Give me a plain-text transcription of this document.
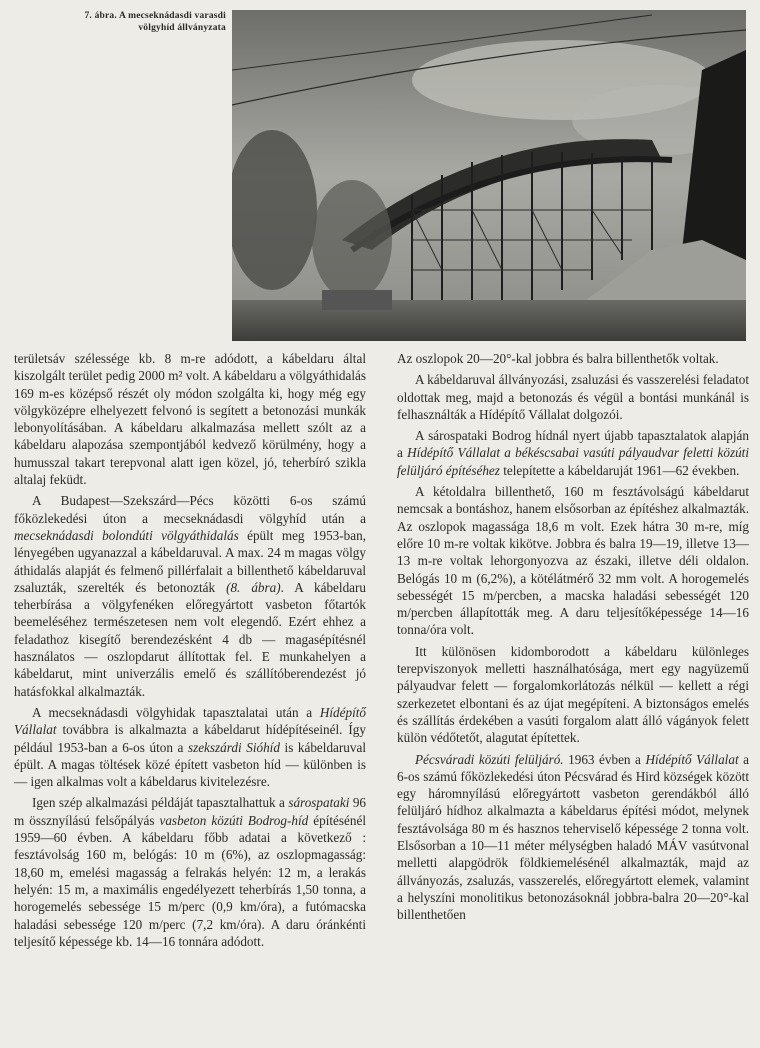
7. ábra. A mecseknádasdi varasdi
völgyhíd állványzata

területsáv szélessége kb. 8 m-re adódott, a kábeldaru által kiszolgált terület pedig 2000 m² volt. A kábeldaru a völgyáthidalás 169 m-es középső részét oly módon szolgálta ki, hogy még egy völgyközépre elhelyezett felvonó is segített a betonozási munkák lebonyolításában. A kábeldaru alkalmazása mellett szólt az a kábeldaru alapozása szempontjából kedvező körülmény, hogy a humusszal takart terepvonal alatt igen közel, jó, teherbíró szikla altalaj feküdt.

A Budapest—Szekszárd—Pécs közötti 6-os számú főközlekedési úton a mecseknádasdi völgyhíd után a mecseknádasdi bolondúti völgyáthidalás épült meg 1953-ban, lényegében ugyanazzal a kábeldaruval. A max. 24 m magas völgy áthidalás alapját és felmenő pillérfalait a billenthető kábeldaruval zsaluzták, szerelték és betonozták (8. ábra). A kábeldaru teherbírása a völgyfenéken előregyártott vasbeton főtartók beemeléséhez természetesen nem volt elegendő. Ezért ehhez a feladathoz kisegítő berendezésként 4 db — magasépítésnél használatos — oszlopdarut állítottak fel. E munkahelyen a kábeldarut, mint univerzális emelő és szállítóberendezést jó hatásfokkal alkalmazták.

A mecseknádasdi völgyhidak tapasztalatai után a Hídépítő Vállalat továbbra is alkalmazta a kábeldarut hídépítéseinél. Így például 1953-ban a 6-os úton a szekszárdi Sióhíd is kábeldaruval épült. A magas töltések közé épített vasbeton híd — különben is — igen alkalmas volt a kábeldarus kivitelezésre.

Igen szép alkalmazási példáját tapasztalhattuk a sárospataki 96 m össznyílású felsőpályás vasbeton közúti Bodrog-híd építésénél 1959—60 évben. A kábeldaru főbb adatai a következő : fesztávolság 160 m, belógás: 10 m (6%), az oszlopmagasság: 18,60 m, emelési magasság a felrakás helyén: 12 m, a lerakás helyén: 15 m, a maximális engedélyezett teherbírás 1,50 tonna, a horogemelés sebessége 15 m/perc (0,9 km/óra), a futómacska haladási sebessége 120 m/perc (7,2 km/óra). A daru óránkénti teljesítő képessége kb. 14—16 tonnára adódott.

Az oszlopok 20—20°-kal jobbra és balra billenthetők voltak.

A kábeldaruval állványozási, zsaluzási és vasszerelési feladatot oldottak meg, majd a betonozás és végül a bontási munkánál is felhasználták a Hídépítő Vállalat dolgozói.

A sárospataki Bodrog hídnál nyert újabb tapasztalatok alapján a Hídépítő Vállalat a békéscsabai vasúti pályaudvar feletti közúti felüljáró építéséhez telepítette a kábeldaruját 1961—62 években.

A kétoldalra billenthető, 160 m fesztávolságú kábeldarut nemcsak a bontáshoz, hanem elsősorban az építéshez alkalmazták. Az oszlopok magassága 18,6 m volt. Ezek hátra 30 m-re, míg előre 10 m-re voltak kikötve. Jobbra és balra 19—19, illetve 13—13 m-re voltak lehorgonyozva az északi, illetve déli oldalon. Belógás 10 m (6,2%), a kötélátmérő 32 mm volt. A horogemelés sebességét 15 m/percben, a macska haladási sebességét 120 m/percben állapították meg. A daru teljesítőképessége 14—16 tonna/óra volt.

Itt különösen kidomborodott a kábeldaru különleges terepviszonyok melletti használhatósága, mert egy nagyüzemű pályaudvar felett — forgalomkorlátozás nélkül — kellett a régi szerkezetet elbontani és az újat megépíteni. A biztonságos emelés és szállítás érdekében a vasúti forgalom alatt álló vágányok felett külön védőtetőt, alagutat építettek.

Pécsváradi közúti felüljáró. 1963 évben a Hídépítő Vállalat a 6-os számú főközlekedési úton Pécsvárad és Hird községek között egy háromnyílású előregyártott vasbeton gerendákból álló felüljáró hídhoz alkalmazta a kábeldarus építési módot, melynek fesztávolsága 80 m és hasznos teherviselő képessége 2 tonna volt. Elsősorban a 10—11 méter mélységben haladó MÁV vasútvonal melletti alapgödrök földkiemelésénél alkalmazták, majd az állványozás, zsaluzás, vasszerelés, előregyártott elemek, valamint a helyszíni monolitikus betonozásoknál jobbra-balra 20—20°-kal billenthetően
